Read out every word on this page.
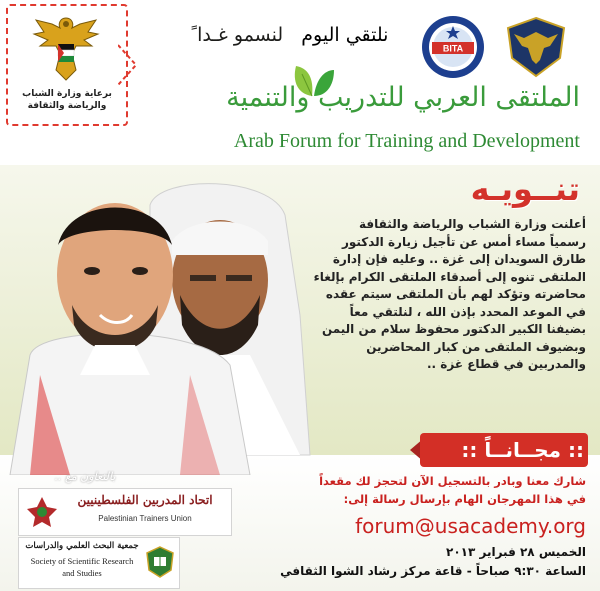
برعاية وزارة الشباب
والرياضة والثقافة
نلتقي اليوم   لنسمو غـدا ً
BITA
الملتقى العربي للتدريب والتنمية
Arab Forum for Training and Development
تنــويـه
أعلنت وزارة الشباب والرياضة والثقافة
رسمياً مساء أمس عن تأجيل زيارة الدكتور
طارق السويدان إلى غزة .. وعليه فإن إدارة
الملتقى تنوه إلى أصدقاء الملتقى الكرام بإلغاء
محاضرته وتؤكد لهم بأن الملتقى سيتم عقده
في الموعد المحدد بإذن الله ، لنلتقي معاً
بضيفنا الكبير الدكتور محفوظ سلام من اليمن
وبضيوف الملتقى من كبار المحاضرين
والمدربين في قطاع غزة ..
:: مجــانــاً ::
شارك معنا وبادر بالتسجيل الآن لتحجز لك مقعداً
في هذا المهرجان الهام بإرسال رسالة إلى:
forum@usacademy.org
الخميس ٢٨ فبراير ٢٠١٣
الساعة ٩:٣٠ صباحاً - قاعة مركز رشاد الشوا الثقافي
بالتعاون مع ..
اتحاد المدربين الفلسطينيين
Palestinian Trainers Union
جمعية البحث العلمي والدراسات
Society of Scientific Research
and Studies
